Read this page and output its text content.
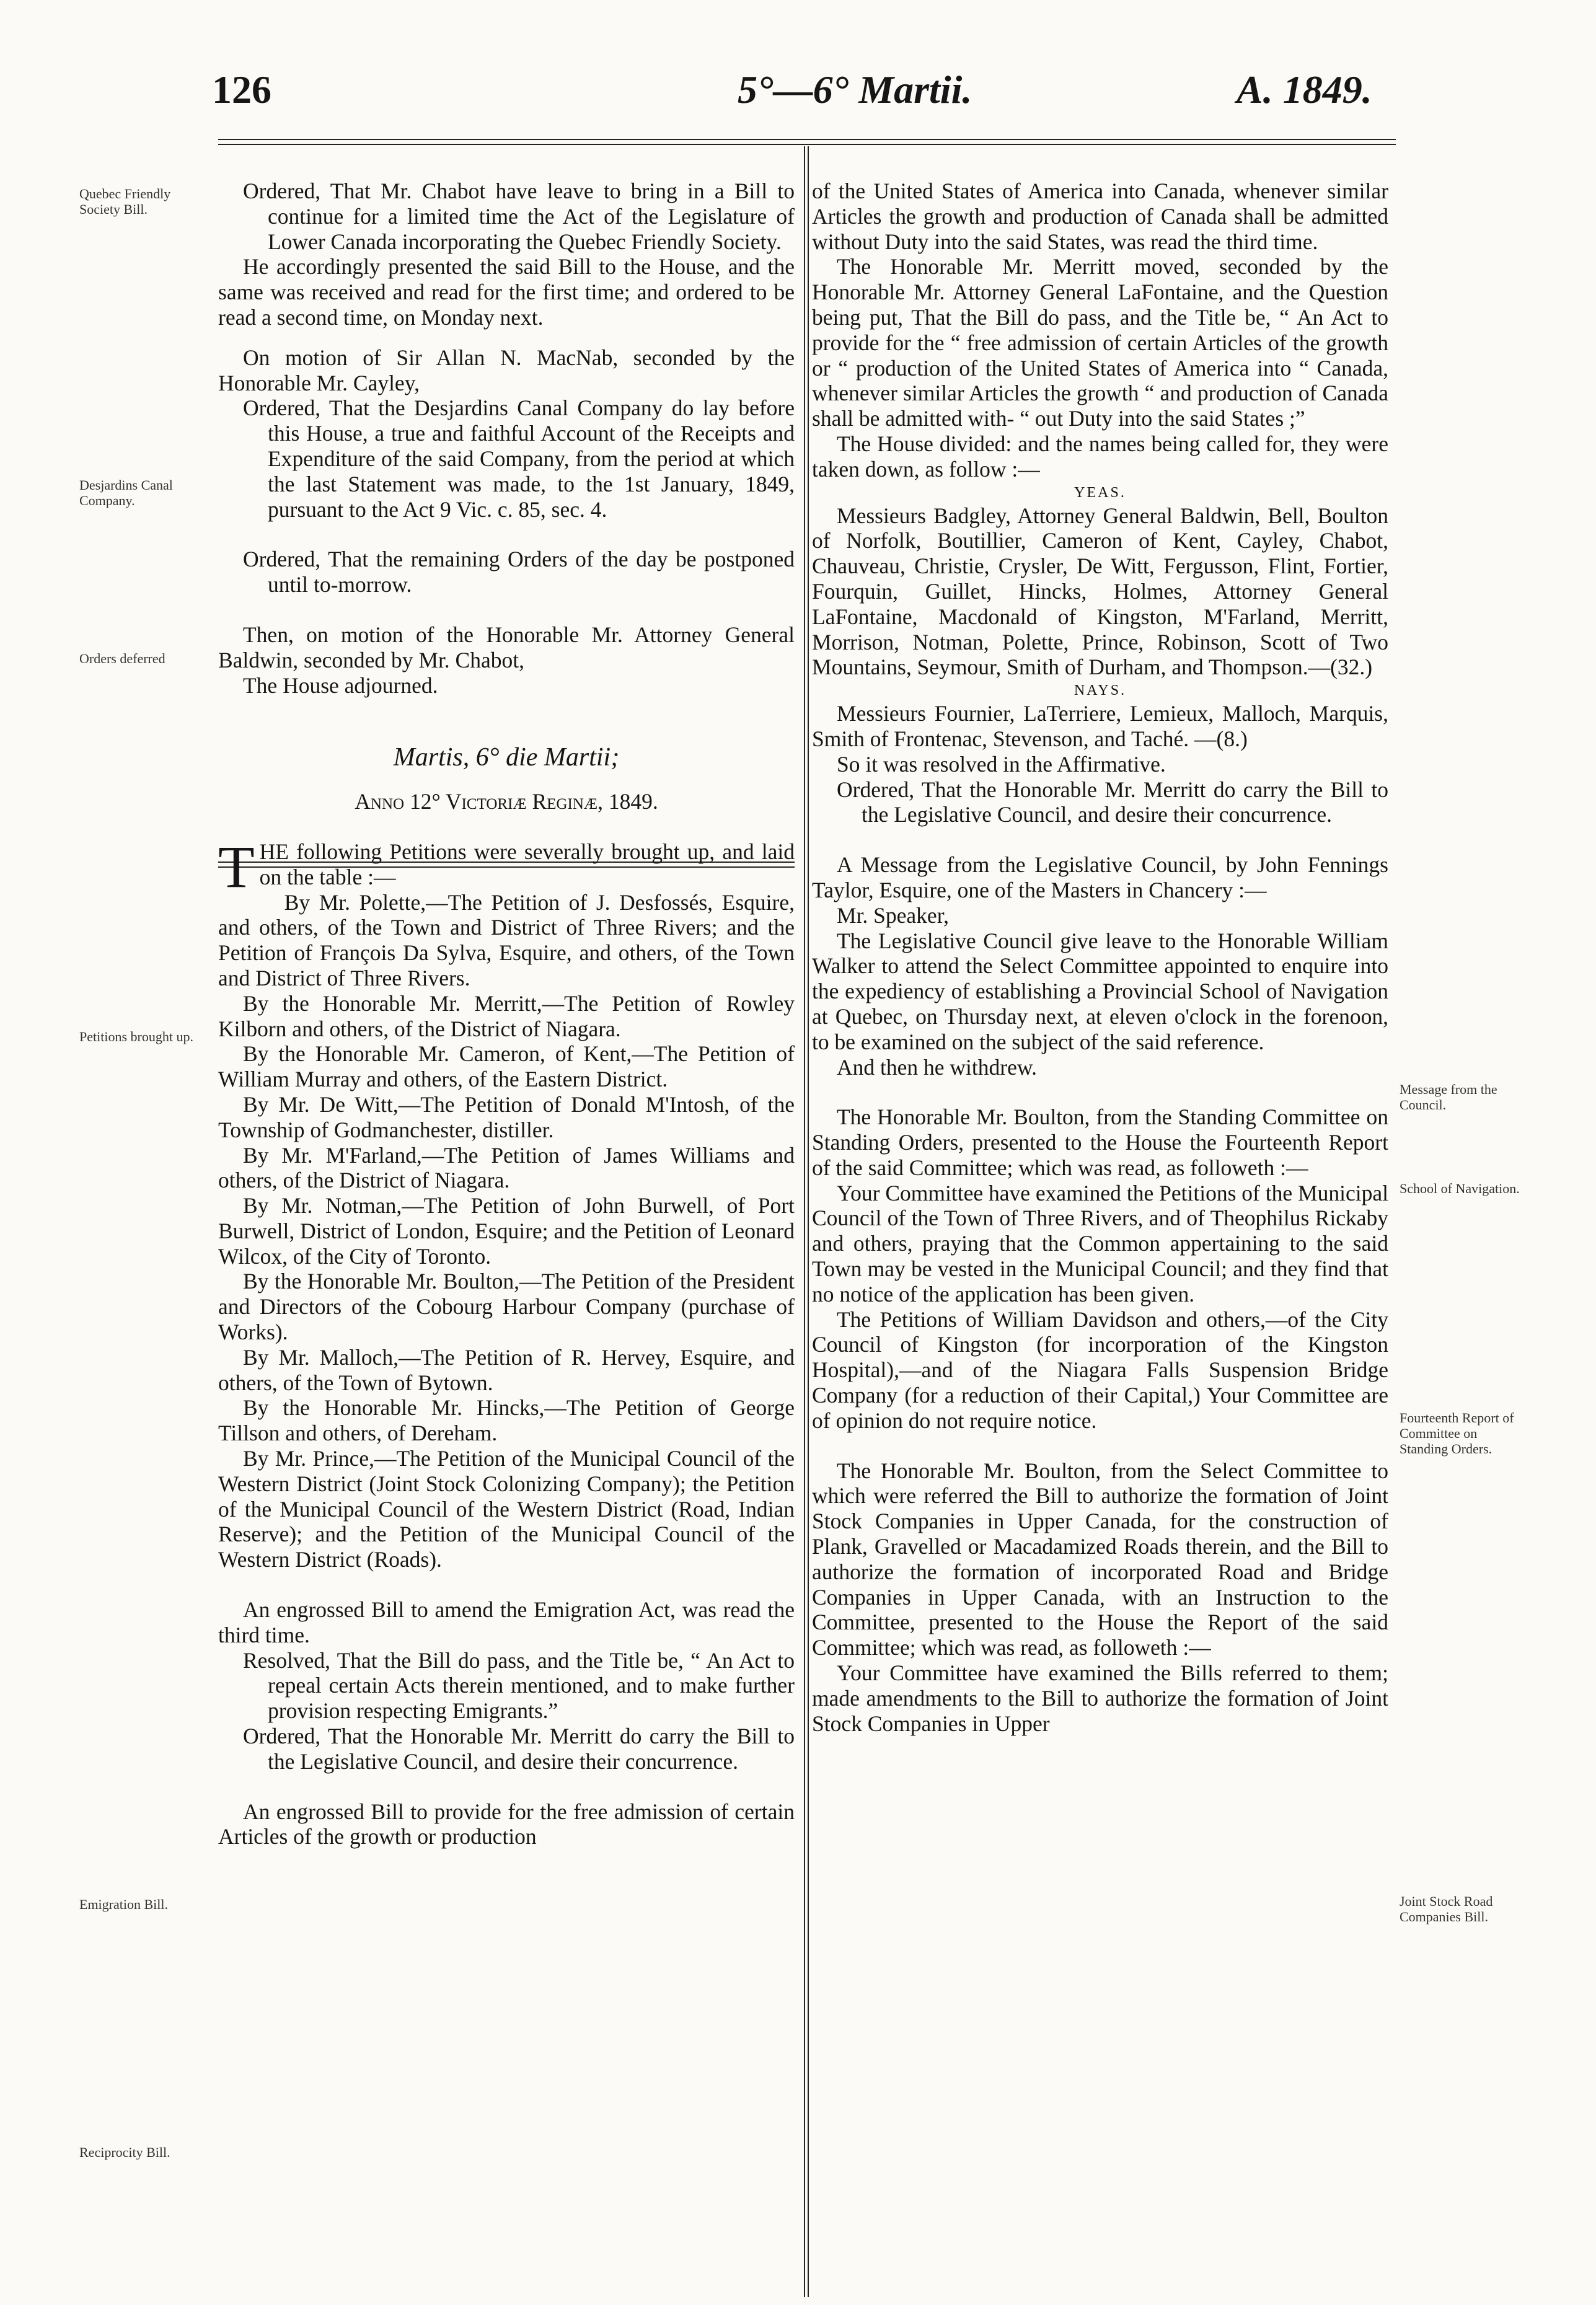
126	5°—6° Martii.	A. 1849.

Ordered, That Mr. Chabot have leave to bring in a Bill to continue for a limited time the Act of the Legislature of Lower Canada incorporating the Quebec Friendly Society.

He accordingly presented the said Bill to the House, and the same was received and read for the first time; and ordered to be read a second time, on Monday next.

On motion of Sir Allan N. MacNab, seconded by the Honorable Mr. Cayley,

Ordered, That the Desjardins Canal Company do lay before this House, a true and faithful Account of the Receipts and Expenditure of the said Company, from the period at which the last Statement was made, to the 1st January, 1849, pursuant to the Act 9 Vic. c. 85, sec. 4.

Ordered, That the remaining Orders of the day be postponed until to-morrow.

Then, on motion of the Honorable Mr. Attorney General Baldwin, seconded by Mr. Chabot,

The House adjourned.

Martis, 6° die Martii;

Anno 12° Victoriæ Reginæ, 1849.

THE following Petitions were severally brought up, and laid on the table :—

By Mr. Polette,—The Petition of J. Desfossés, Esquire, and others, of the Town and District of Three Rivers; and the Petition of François Da Sylva, Esquire, and others, of the Town and District of Three Rivers.

By the Honorable Mr. Merritt,—The Petition of Rowley Kilborn and others, of the District of Niagara.

By the Honorable Mr. Cameron, of Kent,—The Petition of William Murray and others, of the Eastern District.

By Mr. De Witt,—The Petition of Donald M'Intosh, of the Township of Godmanchester, distiller.

By Mr. M'Farland,—The Petition of James Williams and others, of the District of Niagara.

By Mr. Notman,—The Petition of John Burwell, of Port Burwell, District of London, Esquire; and the Petition of Leonard Wilcox, of the City of Toronto.

By the Honorable Mr. Boulton,—The Petition of the President and Directors of the Cobourg Harbour Company (purchase of Works).

By Mr. Malloch,—The Petition of R. Hervey, Esquire, and others, of the Town of Bytown.

By the Honorable Mr. Hincks,—The Petition of George Tillson and others, of Dereham.

By Mr. Prince,—The Petition of the Municipal Council of the Western District (Joint Stock Colonizing Company); the Petition of the Municipal Council of the Western District (Road, Indian Reserve); and the Petition of the Municipal Council of the Western District (Roads).

An engrossed Bill to amend the Emigration Act, was read the third time.

Resolved, That the Bill do pass, and the Title be, “ An Act to repeal certain Acts therein mentioned, and to make further provision respecting Emigrants.”

Ordered, That the Honorable Mr. Merritt do carry the Bill to the Legislative Council, and desire their concurrence.

An engrossed Bill to provide for the free admission of certain Articles of the growth or production

of the United States of America into Canada, whenever similar Articles the growth and production of Canada shall be admitted without Duty into the said States, was read the third time.

The Honorable Mr. Merritt moved, seconded by the Honorable Mr. Attorney General LaFontaine, and the Question being put, That the Bill do pass, and the Title be, “ An Act to provide for the “ free admission of certain Articles of the growth or “ production of the United States of America into “ Canada, whenever similar Articles the growth “ and production of Canada shall be admitted with- “ out Duty into the said States ;”

The House divided: and the names being called for, they were taken down, as follow :—

YEAS.

Messieurs Badgley, Attorney General Baldwin, Bell, Boulton of Norfolk, Boutillier, Cameron of Kent, Cayley, Chabot, Chauveau, Christie, Crysler, De Witt, Fergusson, Flint, Fortier, Fourquin, Guillet, Hincks, Holmes, Attorney General LaFontaine, Macdonald of Kingston, M'Farland, Merritt, Morrison, Notman, Polette, Prince, Robinson, Scott of Two Mountains, Seymour, Smith of Durham, and Thompson.—(32.)

NAYS.

Messieurs Fournier, LaTerriere, Lemieux, Malloch, Marquis, Smith of Frontenac, Stevenson, and Taché. —(8.)

So it was resolved in the Affirmative.

Ordered, That the Honorable Mr. Merritt do carry the Bill to the Legislative Council, and desire their concurrence.

A Message from the Legislative Council, by John Fennings Taylor, Esquire, one of the Masters in Chancery :—

Mr. Speaker,

The Legislative Council give leave to the Honorable William Walker to attend the Select Committee appointed to enquire into the expediency of establishing a Provincial School of Navigation at Quebec, on Thursday next, at eleven o'clock in the forenoon, to be examined on the subject of the said reference.

And then he withdrew.

The Honorable Mr. Boulton, from the Standing Committee on Standing Orders, presented to the House the Fourteenth Report of the said Committee; which was read, as followeth :—

Your Committee have examined the Petitions of the Municipal Council of the Town of Three Rivers, and of Theophilus Rickaby and others, praying that the Common appertaining to the said Town may be vested in the Municipal Council; and they find that no notice of the application has been given.

The Petitions of William Davidson and others,—of the City Council of Kingston (for incorporation of the Kingston Hospital),—and of the Niagara Falls Suspension Bridge Company (for a reduction of their Capital,) Your Committee are of opinion do not require notice.

The Honorable Mr. Boulton, from the Select Committee to which were referred the Bill to authorize the formation of Joint Stock Companies in Upper Canada, for the construction of Plank, Gravelled or Macadamized Roads therein, and the Bill to authorize the formation of incorporated Road and Bridge Companies in Upper Canada, with an Instruction to the Committee, presented to the House the Report of the said Committee; which was read, as followeth :—

Your Committee have examined the Bills referred to them; made amendments to the Bill to authorize the formation of Joint Stock Companies in Upper

Quebec Friendly Society Bill.
Desjardins Canal Company.
Orders deferred
Petitions brought up.
Emigration Bill.
Reciprocity Bill.
Message from the Council.
School of Navigation.
Fourteenth Report of Committee on Standing Orders.
Joint Stock Road Companies Bill.
